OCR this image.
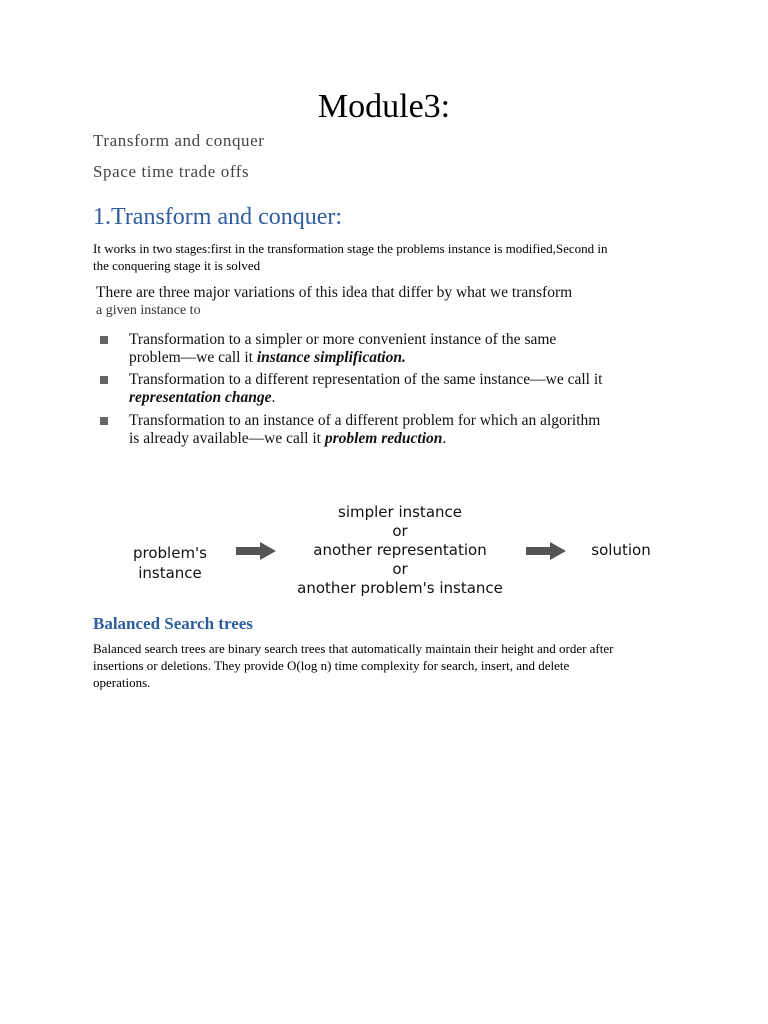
Module3:
Transform and conquer
Space time trade offs
1.Transform and conquer:
It works in two stages:first in the transformation stage the problems instance is modified,Second in
the conquering stage it is solved
There are three major variations of this idea that differ by what we transform
a given instance to
Transformation to a simpler or more convenient instance of the same
problem—we call it instance simplification.
Transformation to a different representation of the same instance—we call it
representation change.
Transformation to an instance of a different problem for which an algorithm
is already available—we call it problem reduction.
problem's
instance
simpler instance
or
another representation
or
another problem's instance
solution
Balanced Search trees
Balanced search trees are binary search trees that automatically maintain their height and order after
insertions or deletions. They provide O(log n) time complexity for search, insert, and delete
operations.
